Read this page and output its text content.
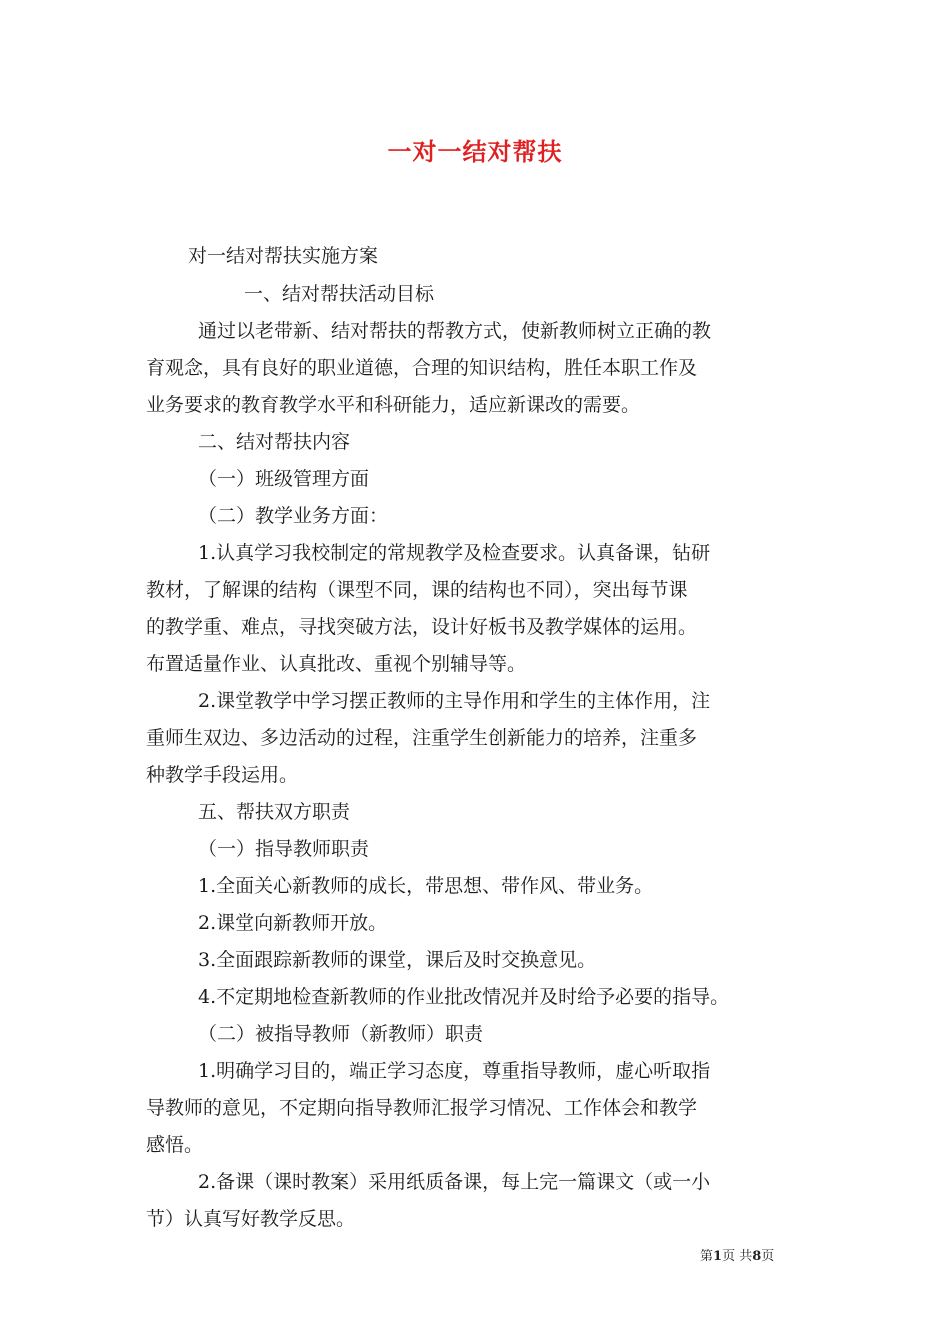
一对一结对帮扶

对一结对帮扶实施方案

一、结对帮扶活动目标

通过以老带新、结对帮扶的帮教方式，使新教师树立正确的教

育观念，具有良好的职业道德，合理的知识结构，胜任本职工作及

业务要求的教育教学水平和科研能力，适应新课改的需要。

二、结对帮扶内容

（一）班级管理方面

（二）教学业务方面：

1.认真学习我校制定的常规教学及检查要求。认真备课，钻研

教材，了解课的结构（课型不同，课的结构也不同），突出每节课

的教学重、难点，寻找突破方法，设计好板书及教学媒体的运用。

布置适量作业、认真批改、重视个别辅导等。

2.课堂教学中学习摆正教师的主导作用和学生的主体作用，注

重师生双边、多边活动的过程，注重学生创新能力的培养，注重多

种教学手段运用。

五、帮扶双方职责

（一）指导教师职责

1.全面关心新教师的成长，带思想、带作风、带业务。

2.课堂向新教师开放。

3.全面跟踪新教师的课堂，课后及时交换意见。

4.不定期地检查新教师的作业批改情况并及时给予必要的指导。

（二）被指导教师（新教师）职责

1.明确学习目的，端正学习态度，尊重指导教师，虚心听取指

导教师的意见，不定期向指导教师汇报学习情况、工作体会和教学

感悟。

2.备课（课时教案）采用纸质备课，每上完一篇课文（或一小

节）认真写好教学反思。

第1页 共8页
